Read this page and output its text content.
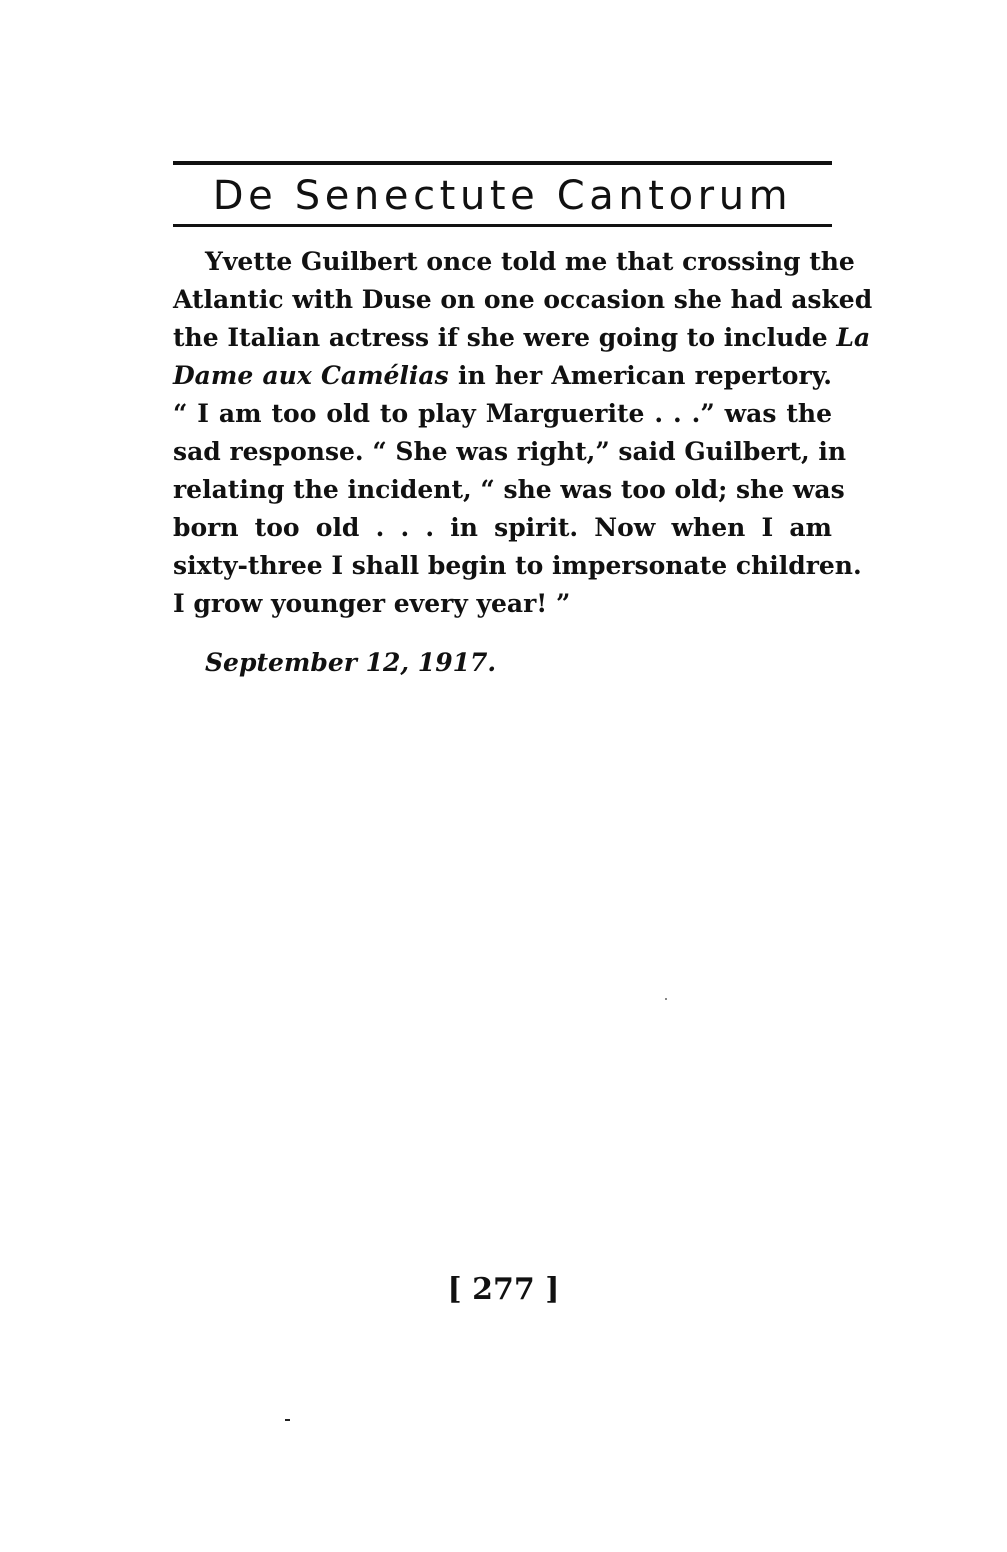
De Senectute Cantorum
Yvette Guilbert once told me that crossing the
Atlantic with Duse on one occasion she had asked
the Italian actress if she were going to include La
Dame aux Camélias in her American repertory.
“ I am too old to play Marguerite . . .” was the
sad response. “ She was right,” said Guilbert, in
relating the incident, “ she was too old; she was
born too old . . . in spirit. Now when I am
sixty-three I shall begin to impersonate children.
I grow younger every year! ”
September 12, 1917.
[ 277 ]
